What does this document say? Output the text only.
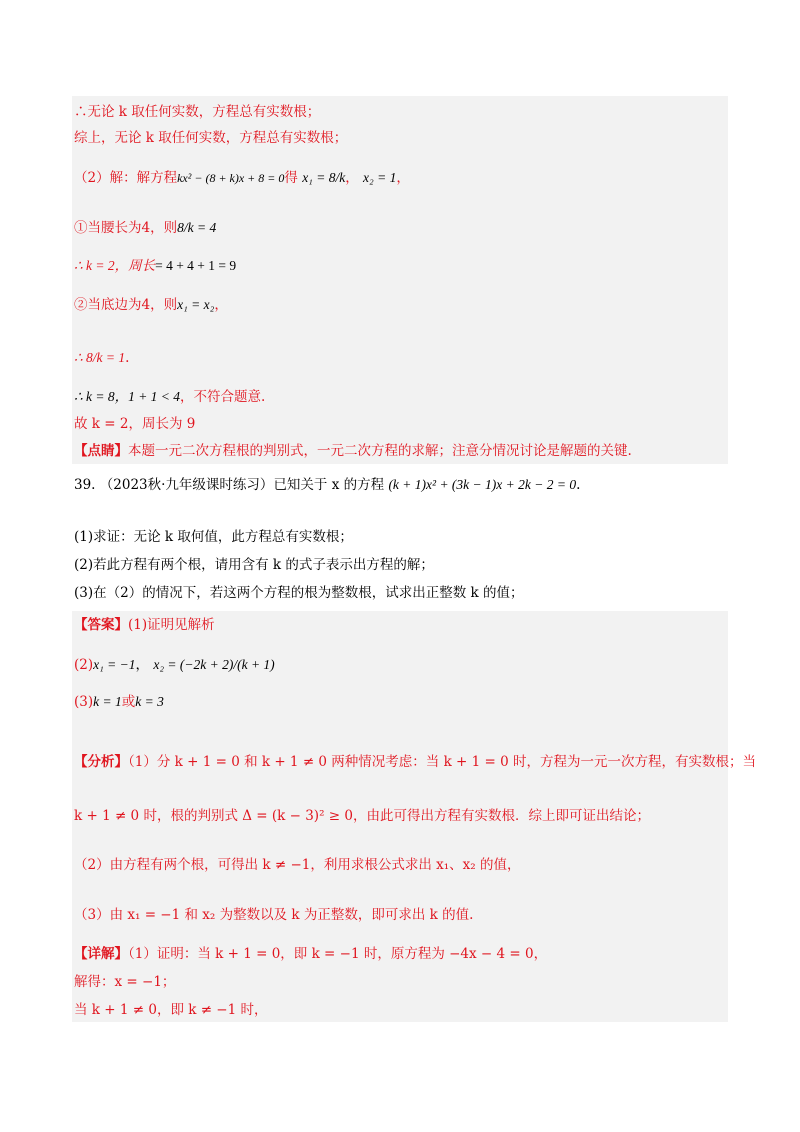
∴无论 k 取任何实数，方程总有实数根；
综上，无论 k 取任何实数，方程总有实数根；
（2）解：解方程kx² − (8 + k)x + 8 = 0得 x₁ = 8/k， x₂ = 1，
①当腰长为4，则8/k = 4
∴ k = 2，周长= 4 + 4 + 1 = 9
②当底边为4，则x₁ = x₂，
∴ 8/k = 1.
∴ k = 8，1 + 1 < 4，不符合题意.
故 k = 2，周长为 9
【点睛】本题一元二次方程根的判别式，一元二次方程的求解；注意分情况讨论是解题的关键.
39. （2023秋·九年级课时练习）已知关于 x 的方程 (k + 1)x² + (3k − 1)x + 2k − 2 = 0.
(1)求证：无论 k 取何值，此方程总有实数根；
(2)若此方程有两个根，请用含有 k 的式子表示出方程的解；
(3)在（2）的情况下，若这两个方程的根为整数根，试求出正整数 k 的值；
【答案】(1)证明见解析
(2)x₁ = −1， x₂ = (−2k + 2)/(k + 1)
(3)k = 1或k = 3
【分析】（1）分 k + 1 = 0 和 k + 1 ≠ 0 两种情况考虑：当 k + 1 = 0 时，方程为一元一次方程，有实数根；当
k + 1 ≠ 0 时，根的判别式 Δ = (k − 3)² ≥ 0，由此可得出方程有实数根．综上即可证出结论；
（2）由方程有两个根，可得出 k ≠ −1，利用求根公式求出 x₁、x₂ 的值，
（3）由 x₁ = −1 和 x₂ 为整数以及 k 为正整数，即可求出 k 的值.
【详解】（1）证明：当 k + 1 = 0，即 k = −1 时，原方程为 −4x − 4 = 0，
解得：x = −1；
当 k + 1 ≠ 0，即 k ≠ −1 时，
